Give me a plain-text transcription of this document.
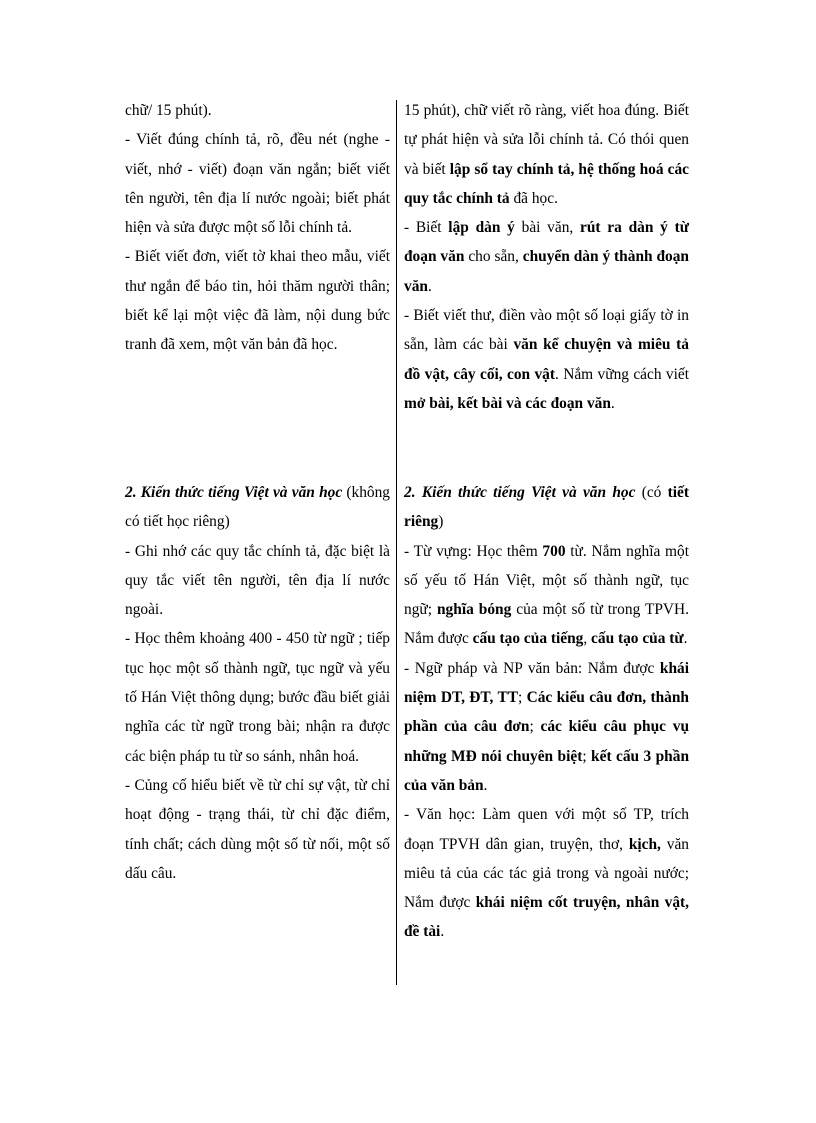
chữ/ 15 phút).

- Viết đúng chính tả, rõ, đều nét (nghe - viết, nhớ - viết) đoạn văn ngắn; biết viết tên người, tên địa lí nước ngoài; biết phát hiện và sửa được một số lỗi chính tả.

- Biết viết đơn, viết tờ khai theo mẫu, viết thư ngắn để báo tin, hỏi thăm người thân; biết kể lại một việc đã làm, nội dung bức tranh đã xem, một văn bản đã học.

15 phút), chữ viết rõ ràng, viết hoa đúng. Biết tự phát hiện và sửa lỗi chính tả. Có thói quen và biết lập sổ tay chính tả, hệ thống hoá các quy tắc chính tả đã học.

- Biết lập dàn ý bài văn, rút ra dàn ý từ đoạn văn cho sẵn, chuyển dàn ý thành đoạn văn.

- Biết viết thư, điền vào một số loại giấy tờ in sẵn, làm các bài văn kể chuyện và miêu tả đồ vật, cây cối, con vật. Nắm vững cách viết mở bài, kết bài và các đoạn văn.

2. Kiến thức tiếng Việt và văn học (không có tiết học riêng)

- Ghi nhớ các quy tắc chính tả, đặc biệt là quy tắc viết tên người, tên địa lí nước ngoài.

- Học thêm khoảng 400 - 450 từ ngữ ; tiếp tục học một số thành ngữ, tục ngữ và yếu tố Hán Việt thông dụng; bước đầu biết giải nghĩa các từ ngữ trong bài; nhận ra được các biện pháp tu từ so sánh, nhân hoá.

- Củng cố hiểu biết về từ chỉ sự vật, từ chỉ hoạt động - trạng thái, từ chỉ đặc điểm, tính chất; cách dùng một số từ nối, một số dấu câu.

2. Kiến thức tiếng Việt và văn học (có tiết riêng)

- Từ vựng: Học thêm 700 từ. Nắm nghĩa một số yếu tố Hán Việt, một số thành ngữ, tục ngữ; nghĩa bóng của một số từ trong TPVH. Nắm được cấu tạo của tiếng, cấu tạo của từ.

- Ngữ pháp và NP văn bản: Nắm được khái niệm DT, ĐT, TT; Các kiểu câu đơn, thành phần của câu đơn; các kiểu câu phục vụ những MĐ nói chuyên biệt; kết cấu 3 phần của văn bản.

- Văn học: Làm quen với một số TP, trích đoạn TPVH dân gian, truyện, thơ, kịch, văn miêu tả của các tác giả trong và ngoài nước; Nắm được khái niệm cốt truyện, nhân vật, đề tài.
